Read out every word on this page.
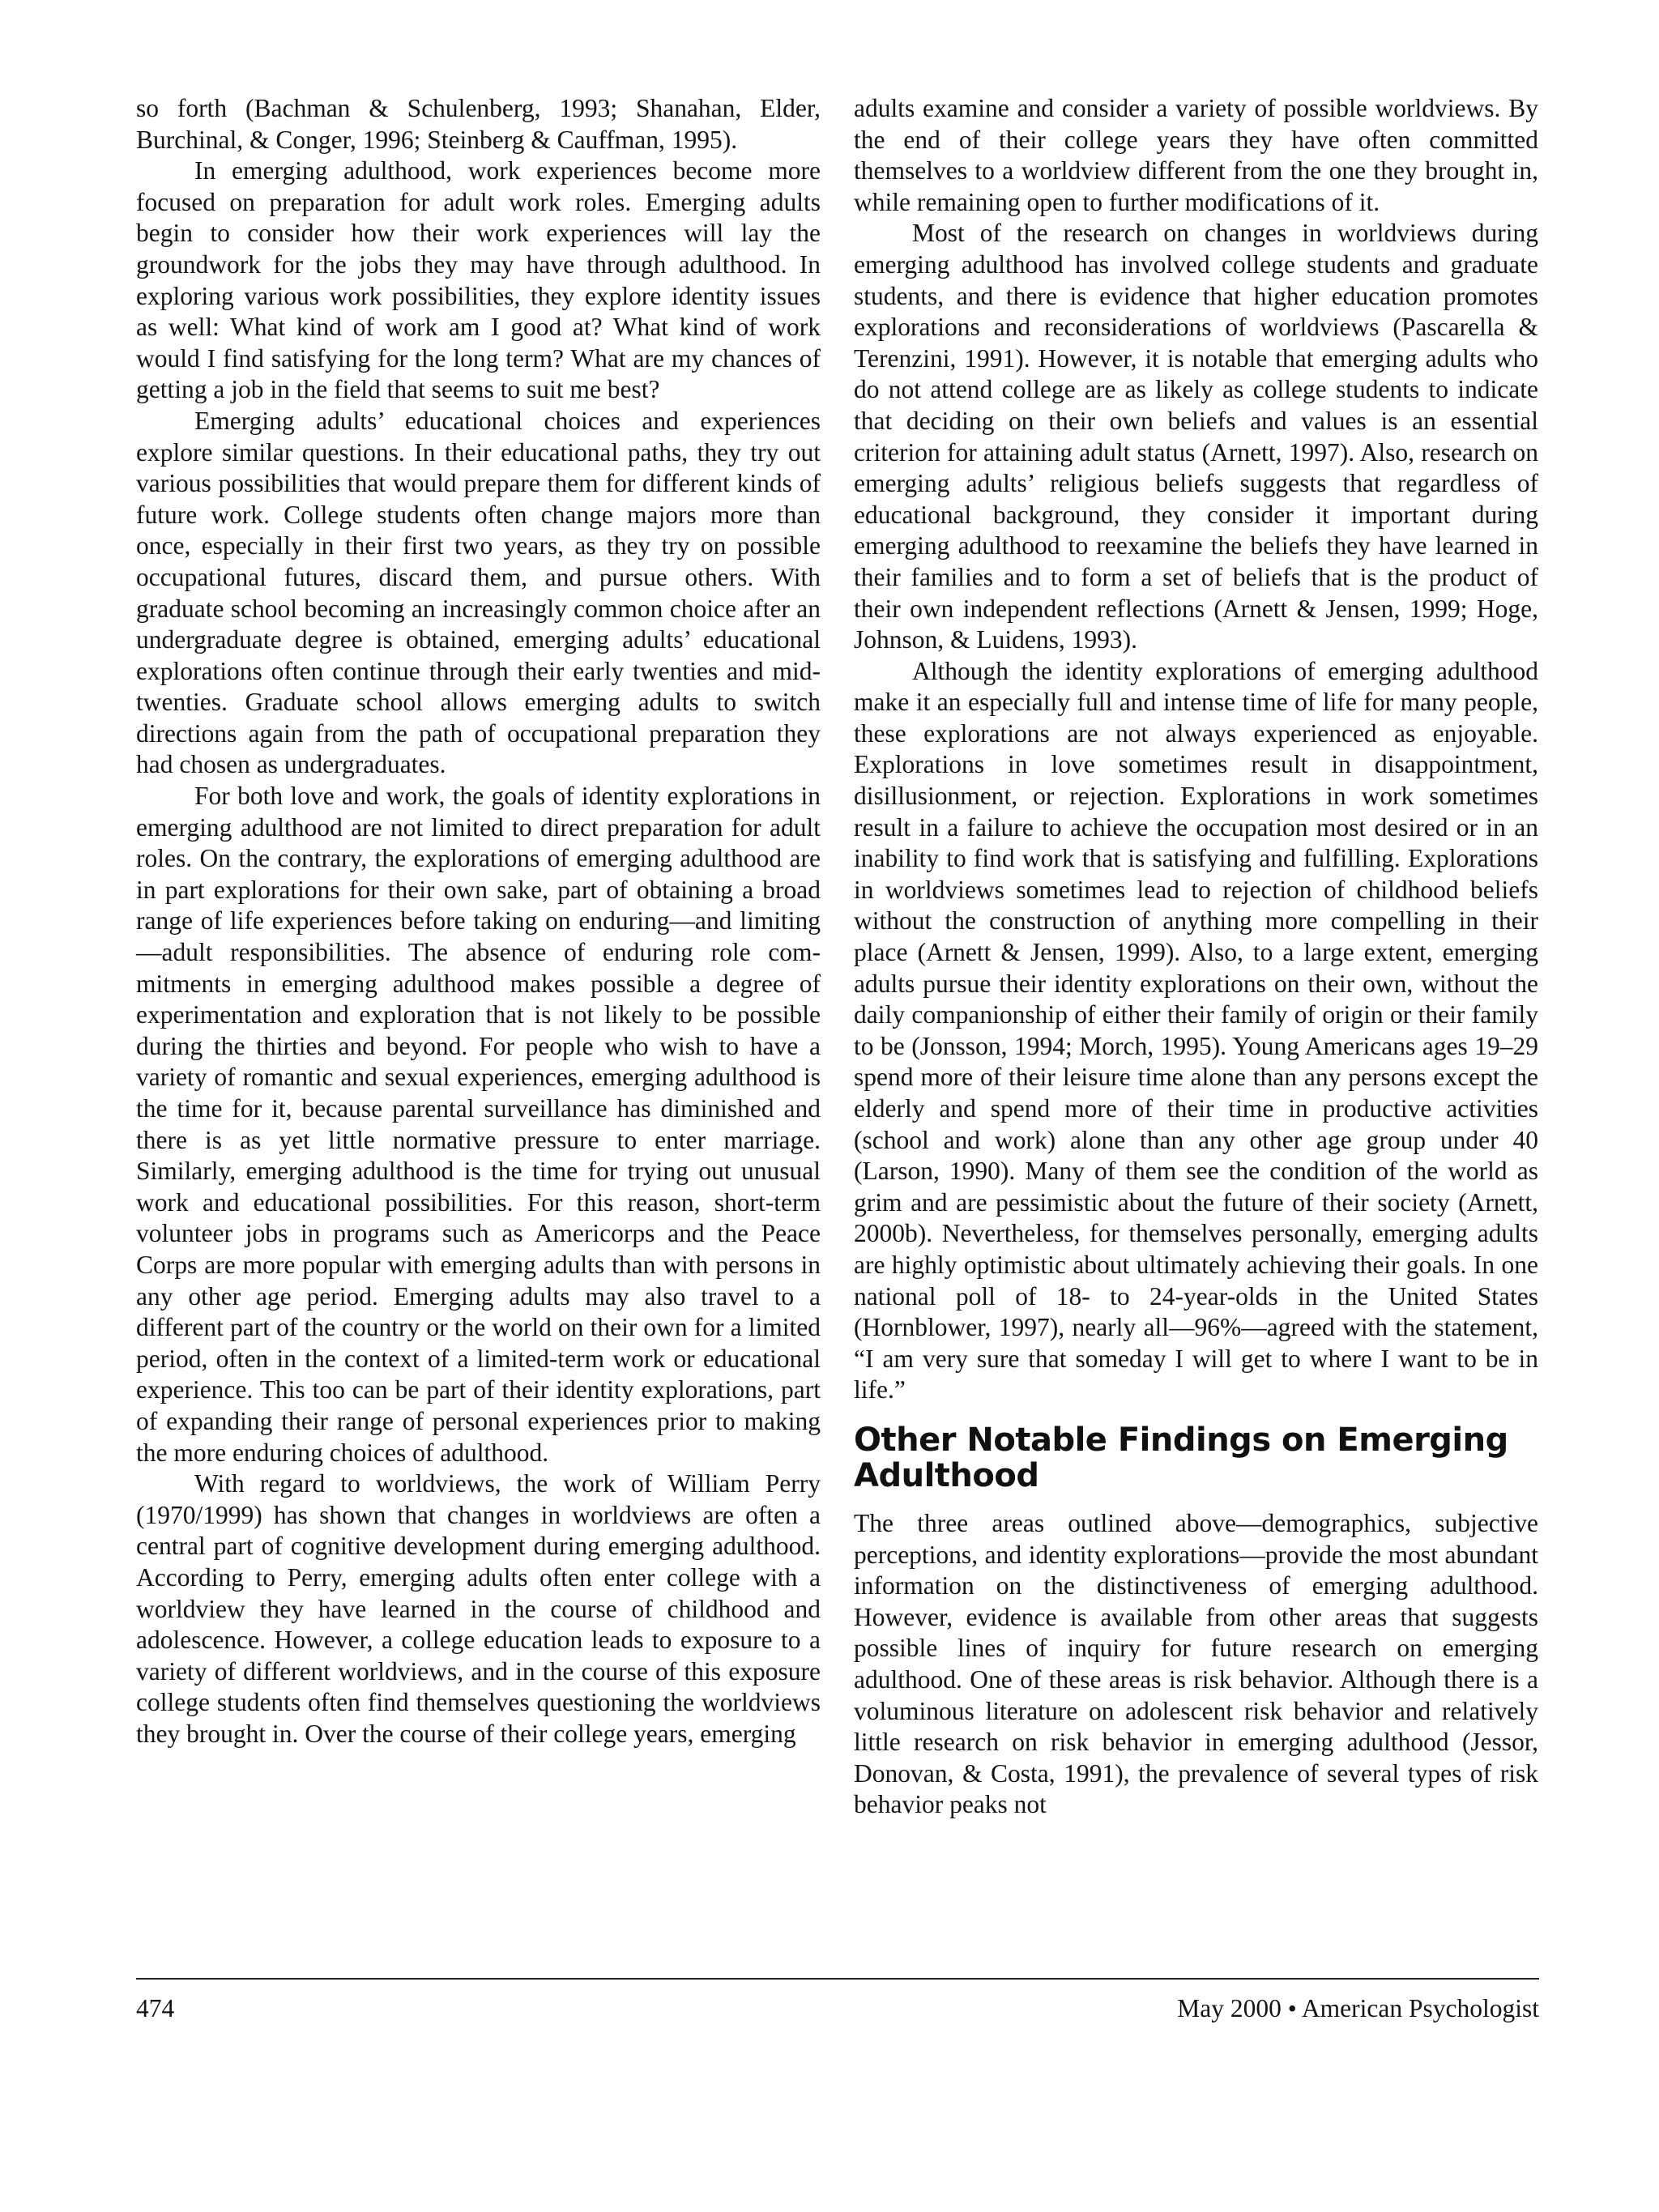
so forth (Bachman & Schulenberg, 1993; Shanahan, Elder, Burchinal, & Conger, 1996; Steinberg & Cauffman, 1995).

In emerging adulthood, work experiences become more focused on preparation for adult work roles. Emerging adults begin to consider how their work experiences will lay the groundwork for the jobs they may have through adulthood. In exploring various work possibilities, they explore identity issues as well: What kind of work am I good at? What kind of work would I find satisfying for the long term? What are my chances of getting a job in the field that seems to suit me best?

Emerging adults’ educational choices and experiences explore similar questions. In their educational paths, they try out various possibilities that would prepare them for different kinds of future work. College students often change majors more than once, especially in their first two years, as they try on possible occupational futures, discard them, and pursue others. With graduate school becoming an increasingly common choice after an undergraduate degree is obtained, emerging adults’ educational explorations often continue through their early twenties and mid-twenties. Graduate school allows emerging adults to switch directions again from the path of occupational preparation they had chosen as undergraduates.

For both love and work, the goals of identity explorations in emerging adulthood are not limited to direct preparation for adult roles. On the contrary, the explorations of emerging adulthood are in part explorations for their own sake, part of obtaining a broad range of life experiences before taking on enduring—and limiting—adult responsibilities. The absence of enduring role commitments in emerging adulthood makes possible a degree of experimentation and exploration that is not likely to be possible during the thirties and beyond. For people who wish to have a variety of romantic and sexual experiences, emerging adulthood is the time for it, because parental surveillance has diminished and there is as yet little normative pressure to enter marriage. Similarly, emerging adulthood is the time for trying out unusual work and educational possibilities. For this reason, short-term volunteer jobs in programs such as Americorps and the Peace Corps are more popular with emerging adults than with persons in any other age period. Emerging adults may also travel to a different part of the country or the world on their own for a limited period, often in the context of a limited-term work or educational experience. This too can be part of their identity explorations, part of expanding their range of personal experiences prior to making the more enduring choices of adulthood.

With regard to worldviews, the work of William Perry (1970/1999) has shown that changes in worldviews are often a central part of cognitive development during emerging adulthood. According to Perry, emerging adults often enter college with a worldview they have learned in the course of childhood and adolescence. However, a college education leads to exposure to a variety of different worldviews, and in the course of this exposure college students often find themselves questioning the worldviews they brought in. Over the course of their college years, emerging

adults examine and consider a variety of possible worldviews. By the end of their college years they have often committed themselves to a worldview different from the one they brought in, while remaining open to further modifications of it.

Most of the research on changes in worldviews during emerging adulthood has involved college students and graduate students, and there is evidence that higher education promotes explorations and reconsiderations of worldviews (Pascarella & Terenzini, 1991). However, it is notable that emerging adults who do not attend college are as likely as college students to indicate that deciding on their own beliefs and values is an essential criterion for attaining adult status (Arnett, 1997). Also, research on emerging adults’ religious beliefs suggests that regardless of educational background, they consider it important during emerging adulthood to reexamine the beliefs they have learned in their families and to form a set of beliefs that is the product of their own independent reflections (Arnett & Jensen, 1999; Hoge, Johnson, & Luidens, 1993).

Although the identity explorations of emerging adulthood make it an especially full and intense time of life for many people, these explorations are not always experienced as enjoyable. Explorations in love sometimes result in disappointment, disillusionment, or rejection. Explorations in work sometimes result in a failure to achieve the occupation most desired or in an inability to find work that is satisfying and fulfilling. Explorations in worldviews sometimes lead to rejection of childhood beliefs without the construction of anything more compelling in their place (Arnett & Jensen, 1999). Also, to a large extent, emerging adults pursue their identity explorations on their own, without the daily companionship of either their family of origin or their family to be (Jonsson, 1994; Morch, 1995). Young Americans ages 19–29 spend more of their leisure time alone than any persons except the elderly and spend more of their time in productive activities (school and work) alone than any other age group under 40 (Larson, 1990). Many of them see the condition of the world as grim and are pessimistic about the future of their society (Arnett, 2000b). Nevertheless, for themselves personally, emerging adults are highly optimistic about ultimately achieving their goals. In one national poll of 18- to 24-year-olds in the United States (Hornblower, 1997), nearly all—96%—agreed with the statement, “I am very sure that someday I will get to where I want to be in life.”

Other Notable Findings on Emerging Adulthood

The three areas outlined above—demographics, subjective perceptions, and identity explorations—provide the most abundant information on the distinctiveness of emerging adulthood. However, evidence is available from other areas that suggests possible lines of inquiry for future research on emerging adulthood. One of these areas is risk behavior. Although there is a voluminous literature on adolescent risk behavior and relatively little research on risk behavior in emerging adulthood (Jessor, Donovan, & Costa, 1991), the prevalence of several types of risk behavior peaks not

474	May 2000 • American Psychologist
